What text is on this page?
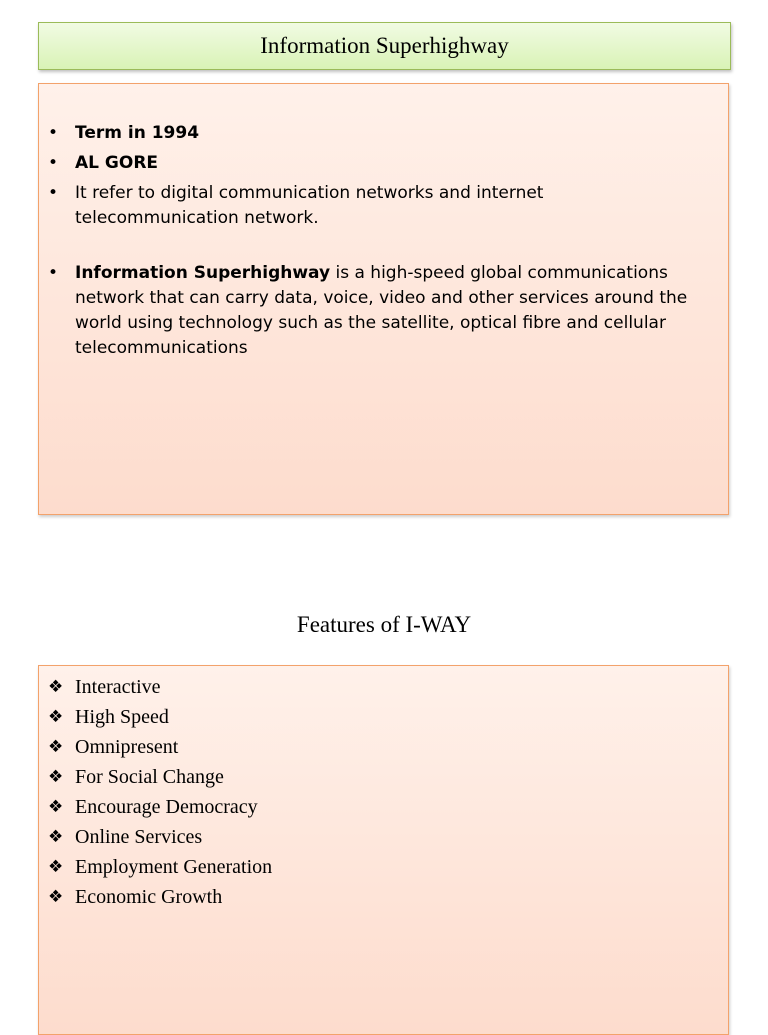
Information Superhighway
• Term in 1994
• AL GORE
• It refer to digital communication networks and internet telecommunication network.
• Information Superhighway is a high-speed global communications network that can carry data, voice, video and other services around the world using technology such as the satellite, optical fibre and cellular telecommunications
Features of I-WAY
❖ Interactive
❖ High Speed
❖ Omnipresent
❖ For Social Change
❖ Encourage Democracy
❖ Online Services
❖ Employment Generation
❖ Economic Growth
